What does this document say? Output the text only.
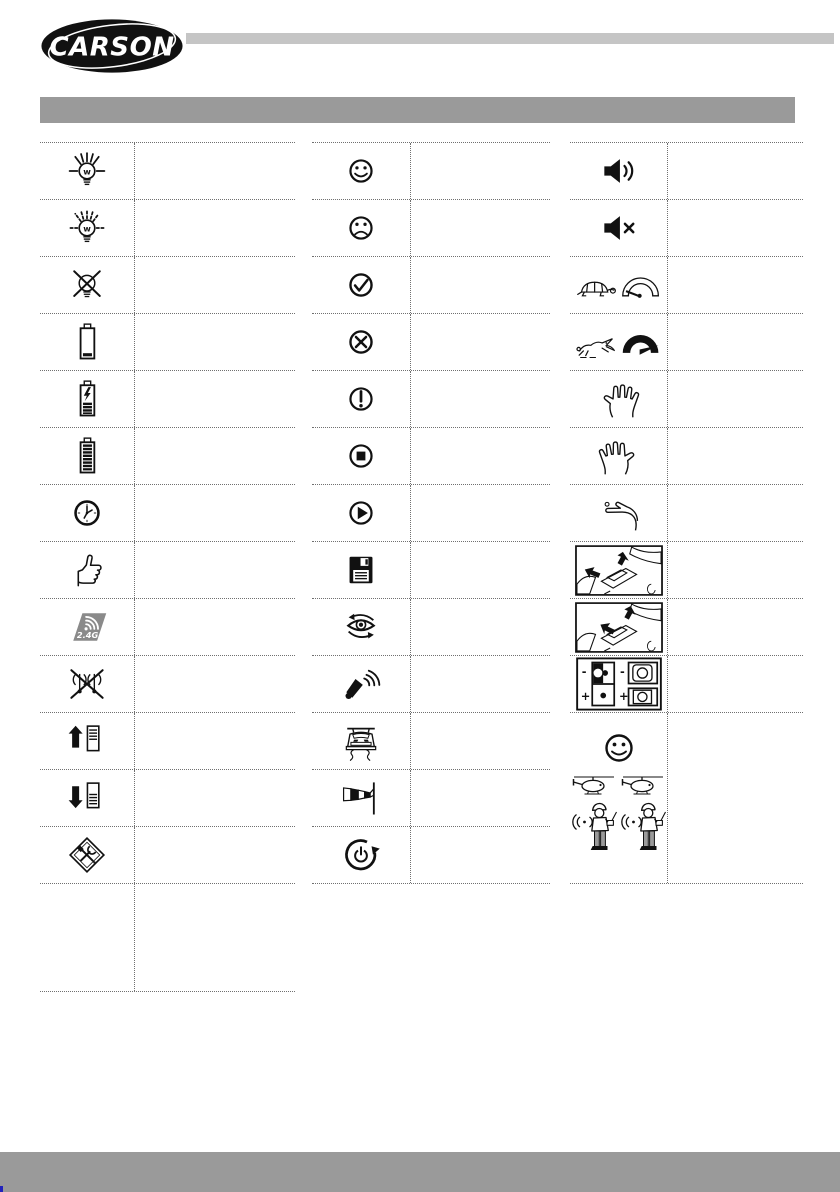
CARSON
